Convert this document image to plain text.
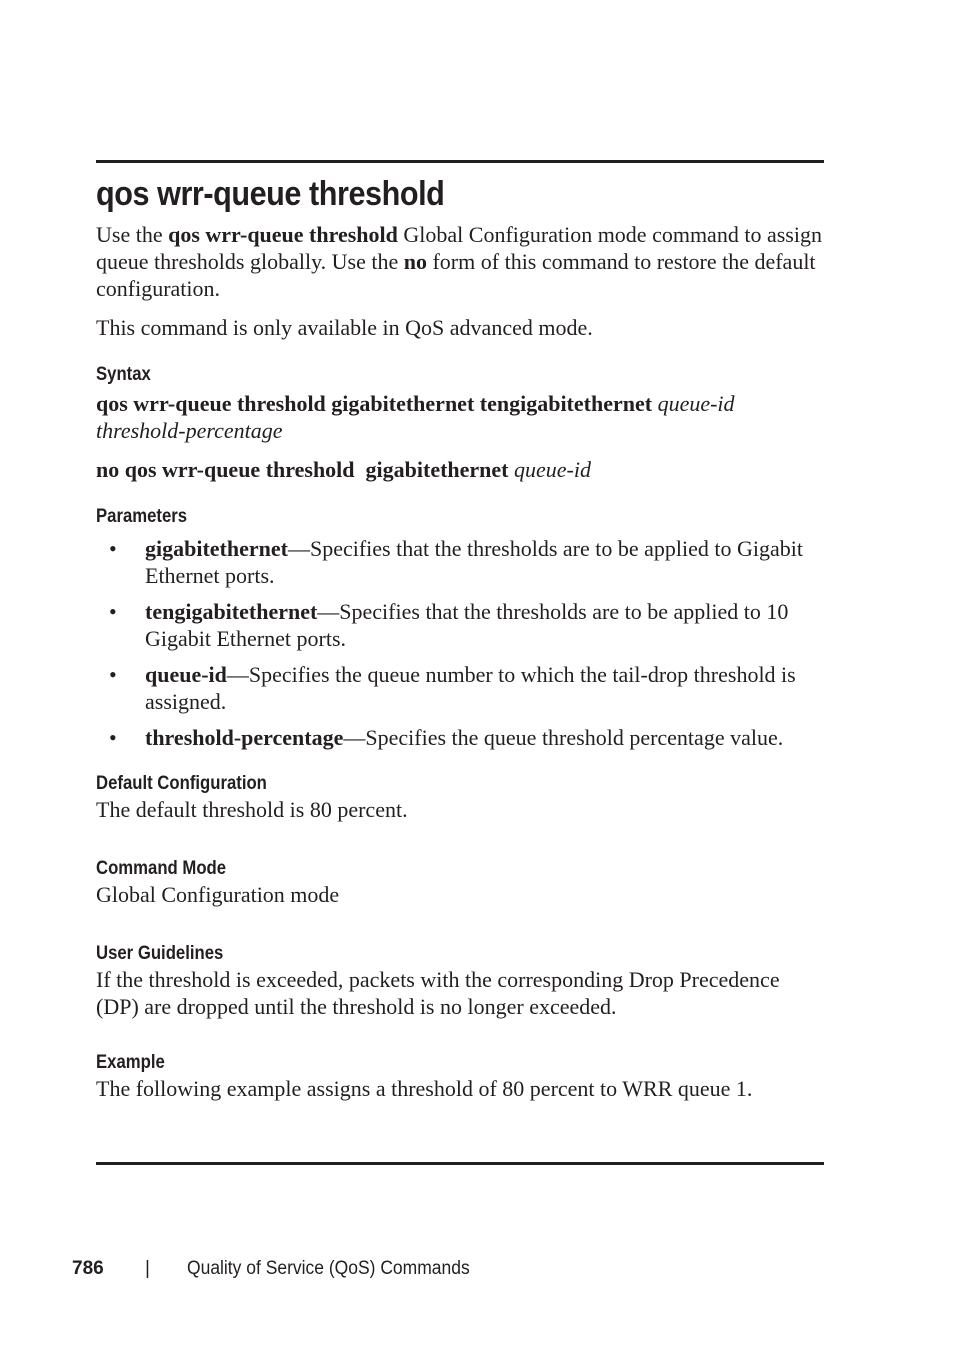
qos wrr-queue threshold

Use the qos wrr-queue threshold Global Configuration mode command to assign queue thresholds globally. Use the no form of this command to restore the default configuration.

This command is only available in QoS advanced mode.

Syntax

qos wrr-queue threshold gigabitethernet tengigabitethernet queue-id threshold-percentage

no qos wrr-queue threshold  gigabitethernet queue-id

Parameters
• gigabitethernet—Specifies that the thresholds are to be applied to Gigabit Ethernet ports.
• tengigabitethernet—Specifies that the thresholds are to be applied to 10 Gigabit Ethernet ports.
• queue-id—Specifies the queue number to which the tail-drop threshold is assigned.
• threshold-percentage—Specifies the queue threshold percentage value.
Default Configuration

The default threshold is 80 percent.

Command Mode

Global Configuration mode

User Guidelines

If the threshold is exceeded, packets with the corresponding Drop Precedence (DP) are dropped until the threshold is no longer exceeded.

Example

The following example assigns a threshold of 80 percent to WRR queue 1.

786 | Quality of Service (QoS) Commands
